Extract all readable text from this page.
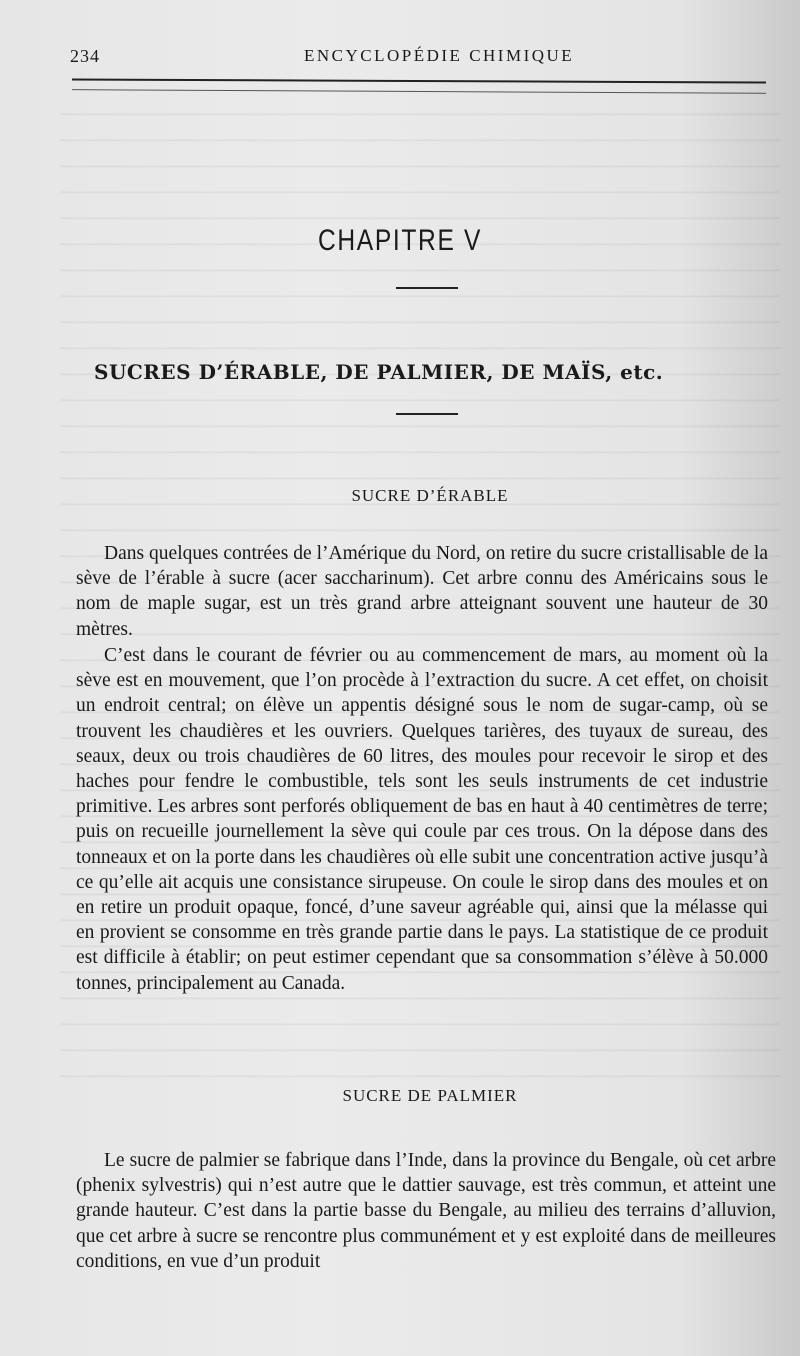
234	ENCYCLOPÉDIE CHIMIQUE
CHAPITRE V
SUCRES D’ÉRABLE, DE PALMIER, DE MAÏS, etc.
SUCRE D’ÉRABLE

Dans quelques contrées de l’Amérique du Nord, on retire du sucre cristallisable de la sève de l’érable à sucre (acer saccharinum). Cet arbre connu des Américains sous le nom de maple sugar, est un très grand arbre atteignant souvent une hauteur de 30 mètres.

C’est dans le courant de février ou au commencement de mars, au moment où la sève est en mouvement, que l’on procède à l’extraction du sucre. A cet effet, on choisit un endroit central; on élève un appentis désigné sous le nom de sugar-camp, où se trouvent les chaudières et les ouvriers. Quelques tarières, des tuyaux de sureau, des seaux, deux ou trois chaudières de 60 litres, des moules pour recevoir le sirop et des haches pour fendre le combustible, tels sont les seuls instruments de cet industrie primitive. Les arbres sont perforés obliquement de bas en haut à 40 centimètres de terre; puis on recueille journellement la sève qui coule par ces trous. On la dépose dans des tonneaux et on la porte dans les chaudières où elle subit une concentration active jusqu’à ce qu’elle ait acquis une consistance sirupeuse. On coule le sirop dans des moules et on en retire un produit opaque, foncé, d’une saveur agréable qui, ainsi que la mélasse qui en provient se consomme en très grande partie dans le pays. La statistique de ce produit est difficile à établir; on peut estimer cependant que sa consommation s’élève à 50.000 tonnes, principalement au Canada.

SUCRE DE PALMIER

Le sucre de palmier se fabrique dans l’Inde, dans la province du Bengale, où cet arbre (phenix sylvestris) qui n’est autre que le dattier sauvage, est très commun, et atteint une grande hauteur. C’est dans la partie basse du Bengale, au milieu des terrains d’alluvion, que cet arbre à sucre se rencontre plus communément et y est exploité dans de meilleures conditions, en vue d’un produit
